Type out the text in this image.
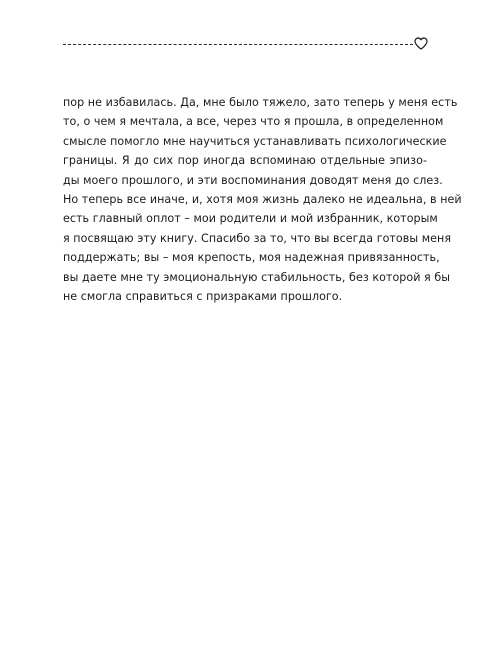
пор не избавилась. Да, мне было тяжело, зато теперь у меня есть
то, о чем я мечтала, а все, через что я прошла, в определенном
смысле помогло мне научиться устанавливать психологические
границы. Я до сих пор иногда вспоминаю отдельные эпизо-
ды моего прошлого, и эти воспоминания доводят меня до слез.
Но теперь все иначе, и, хотя моя жизнь далеко не идеальна, в ней
есть главный оплот – мои родители и мой избранник, которым
я посвящаю эту книгу. Спасибо за то, что вы всегда готовы меня
поддержать; вы – моя крепость, моя надежная привязанность,
вы даете мне ту эмоциональную стабильность, без которой я бы
не смогла справиться с призраками прошлого.
